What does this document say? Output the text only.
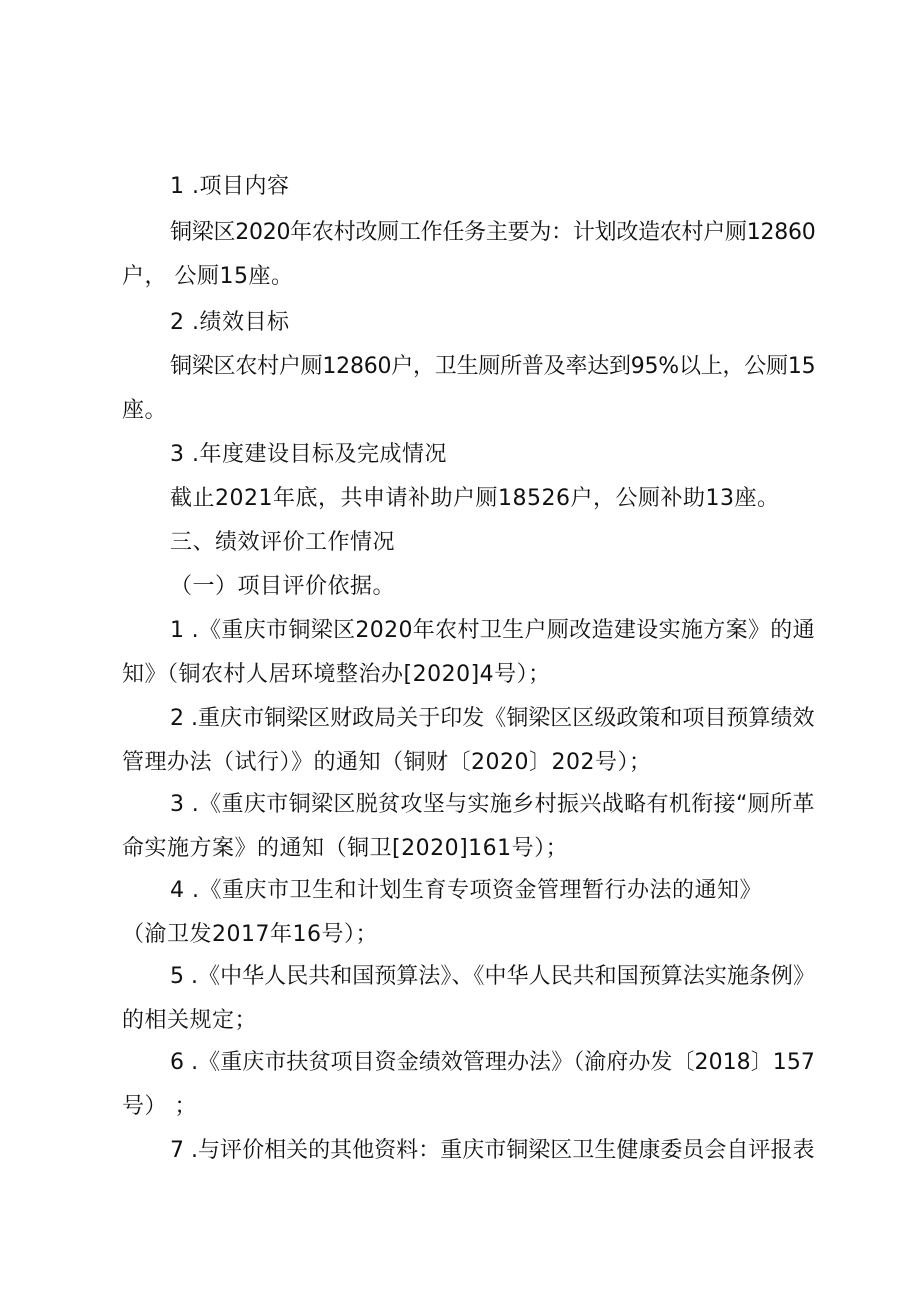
1 .项目内容
铜梁区2020年农村改厕工作任务主要为：计划改造农村户厕12860
户， 公厕15座。
2 .绩效目标
铜梁区农村户厕12860户，卫生厕所普及率达到95%以上，公厕15
座。
3 .年度建设目标及完成情况
截止2021年底，共申请补助户厕18526户，公厕补助13座。
三、绩效评价工作情况
（一）项目评价依据。
1 .《重庆市铜梁区2020年农村卫生户厕改造建设实施方案》的通
知》（铜农村人居环境整治办[2020]4号）；
2 .重庆市铜梁区财政局关于印发《铜梁区区级政策和项目预算绩效
管理办法（试行）》的通知（铜财〔2020〕202号）；
3 .《重庆市铜梁区脱贫攻坚与实施乡村振兴战略有机衔接“厕所革
命实施方案》的通知（铜卫[2020]161号）；
4 .《重庆市卫生和计划生育专项资金管理暂行办法的通知》
（渝卫发2017年16号）；
5 .《中华人民共和国预算法》、《中华人民共和国预算法实施条例》
的相关规定；
6 .《重庆市扶贫项目资金绩效管理办法》（渝府办发〔2018〕157
号） ；
7 .与评价相关的其他资料：重庆市铜梁区卫生健康委员会自评报表
